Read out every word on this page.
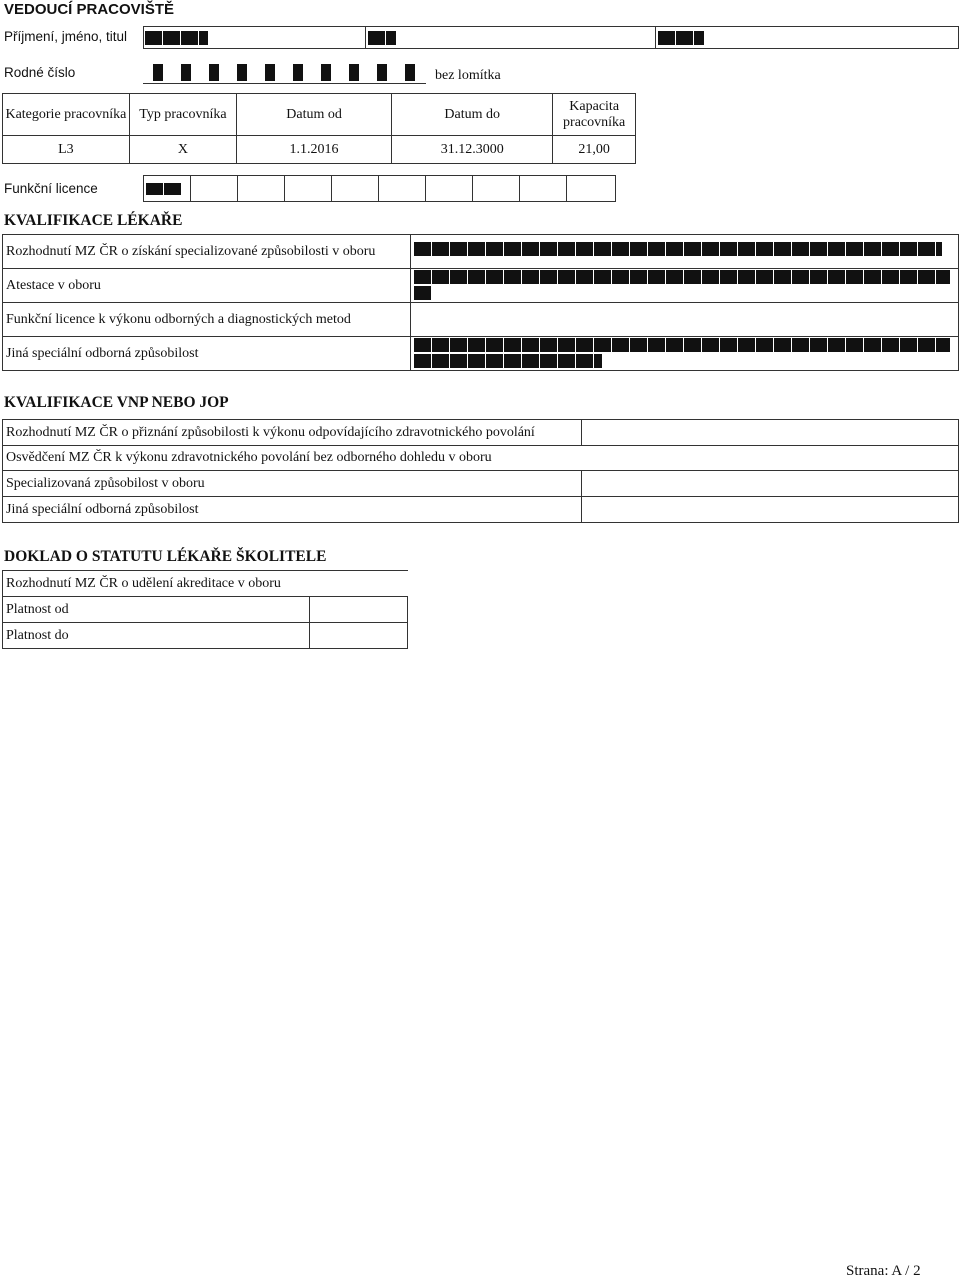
VEDOUCÍ PRACOVIŠTĚ
Příjmení, jméno, titul
Rodné číslo	bez lomítka
Kategorie pracovníka	Typ pracovníka	Datum od	Datum do	Kapacita pracovníka
L3	X	1.1.2016	31.12.3000	21,00
Funkční licence
KVALIFIKACE LÉKAŘE
Rozhodnutí MZ ČR o získání specializované způsobilosti v oboru	

Atestace v oboru	

Funkční licence k výkonu odborných a diagnostických metod	
Jiná speciální odborná způsobilost	
KVALIFIKACE VNP NEBO JOP
Rozhodnutí MZ ČR o přiznání způsobilosti k výkonu odpovídajícího zdravotnického povolání	
Osvědčení MZ ČR k výkonu zdravotnického povolání bez odborného dohledu v oboru	
Specializovaná způsobilost v oboru	
Jiná speciální odborná způsobilost	
DOKLAD O STATUTU LÉKAŘE ŠKOLITELE
Rozhodnutí MZ ČR o udělení akreditace v oboru	
Platnost od	
Platnost do	
Strana: A / 2
